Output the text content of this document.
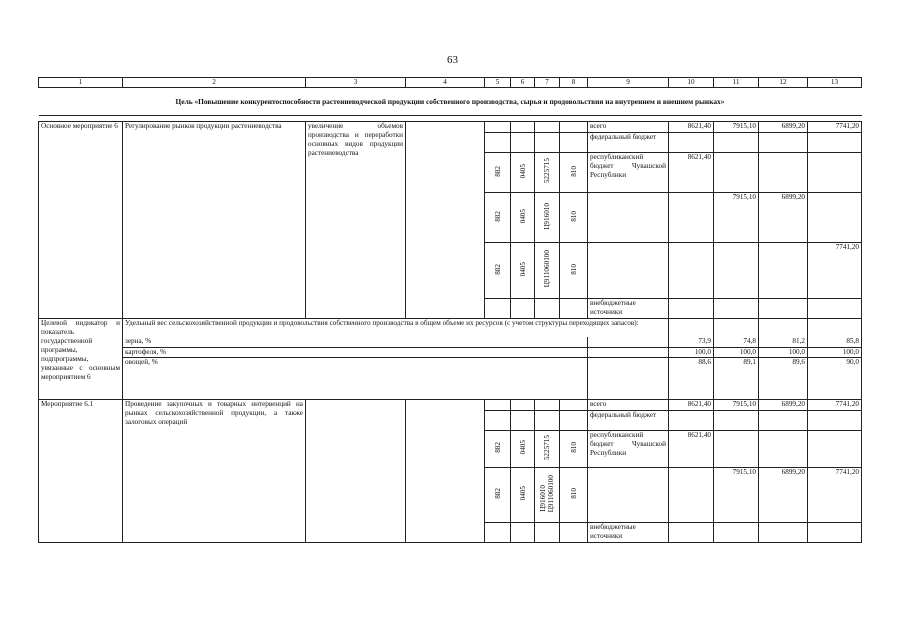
63
1	2	3	4	5	6	7	8	9	10	11	12	13
Цель «Повышение конкурентоспособности растениеводческой продукции собственного производства, сырья и продовольствия на внутреннем и внешнем рынках»												

Основное мероприятие 6	Регулирование рынков продукции растениеводства	увеличение объемов производства и переработки основных видов продукции растениеводства						всего	8621,40	7915,10	6899,20	7741,20
								федеральный бюджет				
				882	0405	5225715	810	республиканский бюджет Чувашской Республики	8621,40			
				882	0405	Ц916010	810			7915,10	6899,20	
				882	0405	Ц911060100	810					7741,20
								внебюджетные источники				
Целевой индикатор и показатель государственной программы, подпрограммы, увязанные с основным мероприятием 6	Удельный вес сельскохозяйственной продукции и продовольствия собственного производства в общем объеме их ресурсов (с учетом структуры переходящих запасов):											
	зерна, %								73,9	74,8	81,2	85,8
	картофеля, %								100,0	100,0	100,0	100,0
	овощей, %								88,6	89,1	89,6	90,0
Мероприятие 6.1	Проведение закупочных и товарных интервенций на рынках сельскохозяйственной продукции, а также залоговых операций							всего	8621,40	7915,10	6899,20	7741,20
								федеральный бюджет				
				882	0405	5225715	810	республиканский бюджет Чувашской Республики	8621,40			
				882	0405	Ц916010Ц911060100	810			7915,10	6899,20	7741,20
								внебюджетные источники				
